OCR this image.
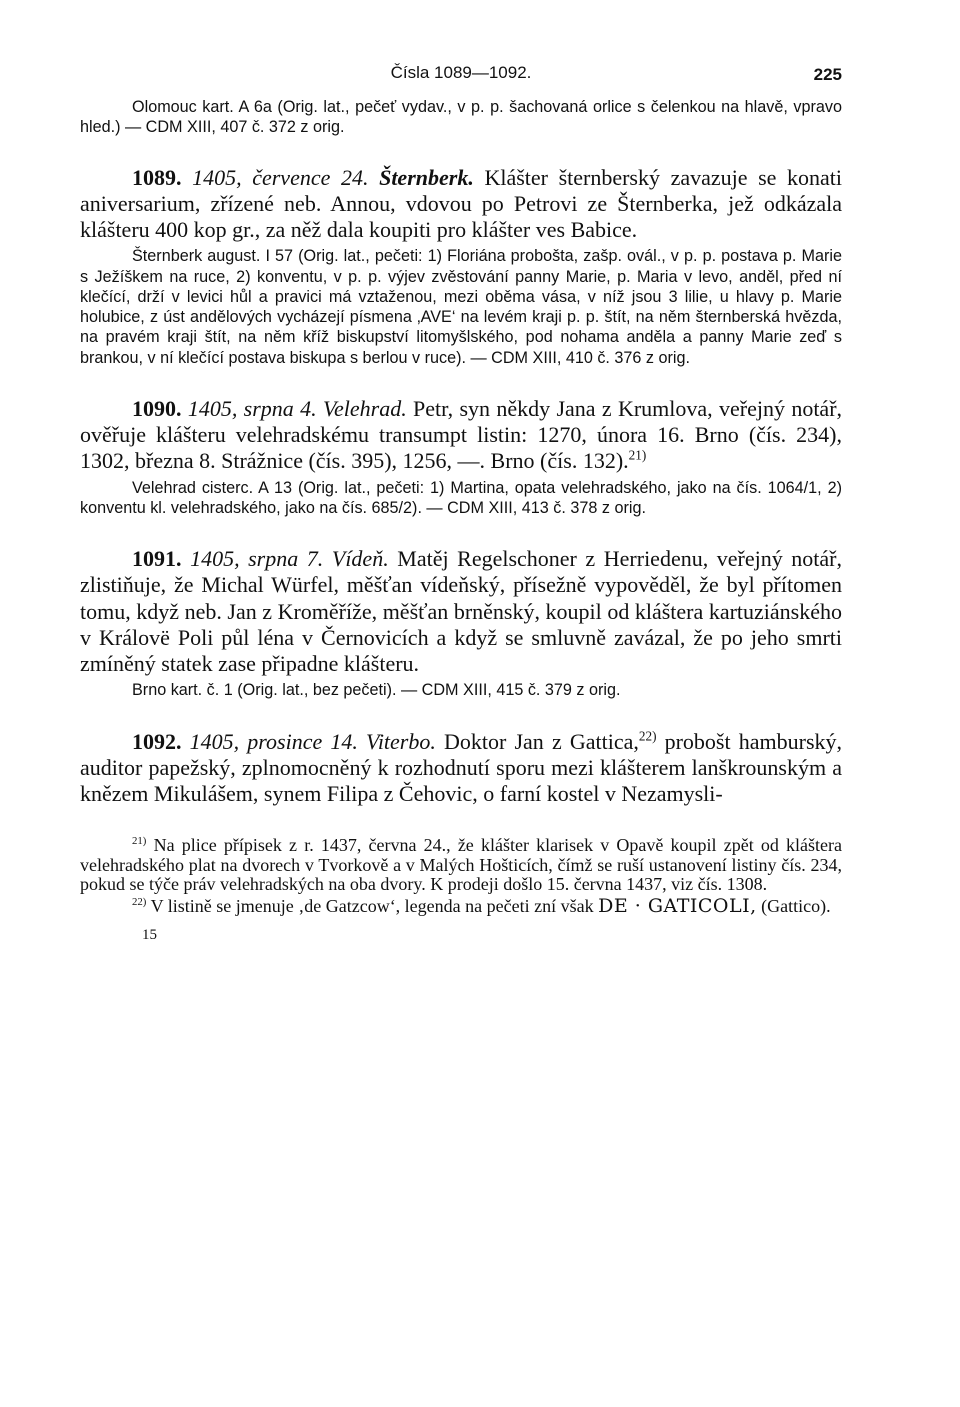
Čísla 1089—1092.	225

Olomouc kart. A 6a (Orig. lat., pečeť vydav., v p. p. šachovaná orlice s čelenkou na hlavě, vpravo hled.) — CDM XIII, 407 č. 372 z orig.

1089. 1405, července 24. Šternberk. Klášter šternberský zavazuje se konati aniversarium, zřízené neb. Annou, vdovou po Petrovi ze Šternberka, jež odkázala klášteru 400 kop gr., za něž dala koupiti pro klášter ves Babice.

Šternberk august. I 57 (Orig. lat., pečeti: 1) Floriána probošta, zašp. ovál., v p. p. postava p. Marie s Ježíškem na ruce, 2) konventu, v p. p. výjev zvěstování panny Marie, p. Maria v levo, anděl, před ní klečící, drží v levici hůl a pravici má vztaženou, mezi oběma vása, v níž jsou 3 lilie, u hlavy p. Marie holubice, z úst andělových vycházejí písmena ‚AVE‘ na levém kraji p. p. štít, na něm šternberská hvězda, na pravém kraji štít, na něm kříž biskupství litomyšlského, pod nohama anděla a panny Marie zeď s brankou, v ní klečící postava biskupa s berlou v ruce). — CDM XIII, 410 č. 376 z orig.

1090. 1405, srpna 4. Velehrad. Petr, syn někdy Jana z Krumlova, veřejný notář, ověřuje klášteru velehradskému transumpt listin: 1270, února 16. Brno (čís. 234), 1302, března 8. Strážnice (čís. 395), 1256, —. Brno (čís. 132).$^{21)}$

Velehrad cisterc. A 13 (Orig. lat., pečeti: 1) Martina, opata velehradského, jako na čís. 1064/1, 2) konventu kl. velehradského, jako na čís. 685/2). — CDM XIII, 413 č. 378 z orig.

1091. 1405, srpna 7. Vídeň. Matěj Regelschoner z Herriedenu, veřejný notář, zlistiňuje, že Michal Würfel, měšťan vídeňský, přísežně vypověděl, že byl přítomen tomu, když neb. Jan z Kroměříže, měšťan brněnský, koupil od kláštera kartuziánského v Královë Poli půl léna v Černovicích a když se smluvně zavázal, že po jeho smrti zmíněný statek zase připadne klášteru.

Brno kart. č. 1 (Orig. lat., bez pečeti). — CDM XIII, 415 č. 379 z orig.

1092. 1405, prosince 14. Viterbo. Doktor Jan z Gattica,$^{22)}$ probošt hamburský, auditor papežský, zplnomocněný k rozhodnutí sporu mezi klášterem lanškrounským a knězem Mikulášem, synem Filipa z Čehovic, o farní kostel v Nezamysli-

$^{21)}$ Na plice přípisek z r. 1437, června 24., že klášter klarisek v Opavě koupil zpět od kláštera velehradského plat na dvorech v Tvorkově a v Malých Hošticích, čímž se ruší ustanovení listiny čís. 234, pokud se týče práv velehradských na oba dvory. K prodeji došlo 15. června 1437, viz čís. 1308.

$^{22)}$ V listině se jmenuje ‚de Gatzcow‘, legenda na pečeti zní však DE · GATICOLI, (Gattico).

15
